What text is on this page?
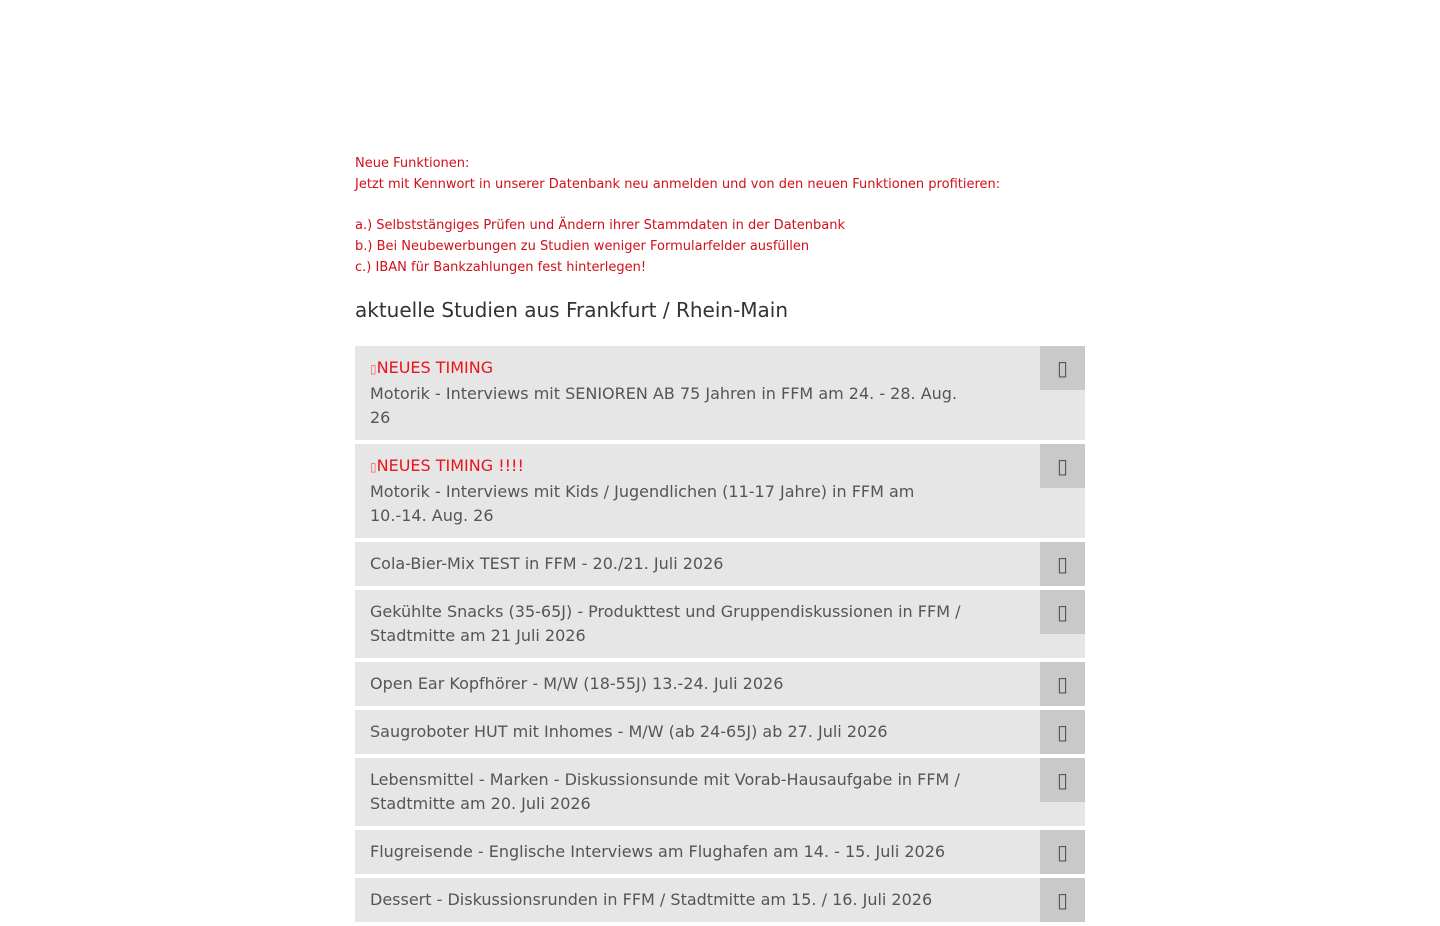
Neue Funktionen:
Jetzt mit Kennwort in unserer Datenbank neu anmelden und von den neuen Funktionen profitieren:
a.) Selbststängiges Prüfen und Ändern ihrer Stammdaten in der Datenbank
b.) Bei Neubewerbungen zu Studien weniger Formularfelder ausfüllen
c.) IBAN für Bankzahlungen fest hinterlegen!
aktuelle Studien aus Frankfurt / Rhein-Main
▯NEUES TIMING
Motorik - Interviews mit SENIOREN AB 75 Jahren in FFM am 24. - 28. Aug. 26
▯
▯NEUES TIMING !!!!
Motorik - Interviews mit Kids / Jugendlichen (11-17 Jahre) in FFM am 10.-14. Aug. 26
▯
Cola-Bier-Mix TEST in FFM - 20./21. Juli 2026	▯
Gekühlte Snacks (35-65J) - Produkttest und Gruppendiskussionen in FFM / Stadtmitte am 21 Juli 2026
▯
Open Ear Kopfhörer - M/W (18-55J) 13.-24. Juli 2026	▯
Saugroboter HUT mit Inhomes - M/W (ab 24-65J) ab 27. Juli 2026	▯
Lebensmittel - Marken - Diskussionsunde mit Vorab-Hausaufgabe in FFM / Stadtmitte am 20. Juli 2026
▯
Flugreisende - Englische Interviews am Flughafen am 14. - 15. Juli 2026	▯
Dessert - Diskussionsrunden in FFM / Stadtmitte am 15. / 16. Juli 2026	▯
